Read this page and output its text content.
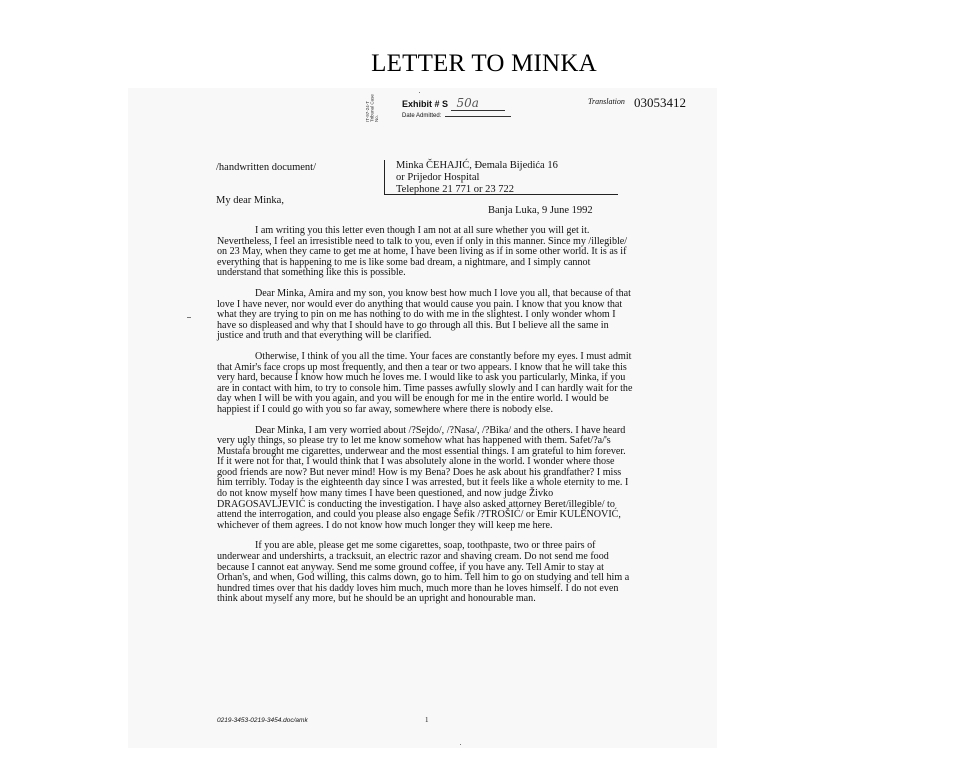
LETTER TO MINKA
IT-97-24-T Tribunal Case No.
Exhibit # S 50a
Date Admitted:
Translation 03053412
/handwritten document/	Minka ČEHAJIĆ, Đemala Bijedića 16
or Prijedor Hospital
Telephone 21 771 or 23 722
My dear Minka,
Banja Luka, 9 June 1992

I am writing you this letter even though I am not at all sure whether you will get it. Nevertheless, I feel an irresistible need to talk to you, even if only in this manner. Since my /illegible/ on 23 May, when they came to get me at home, I have been living as if in some other world. It is as if everything that is happening to me is like some bad dream, a nightmare, and I simply cannot understand that something like this is possible.

Dear Minka, Amira and my son, you know best how much I love you all, that because of that love I have never, nor would ever do anything that would cause you pain. I know that you know that what they are trying to pin on me has nothing to do with me in the slightest. I only wonder whom I have so displeased and why that I should have to go through all this. But I believe all the same in justice and truth and that everything will be clarified.

Otherwise, I think of you all the time. Your faces are constantly before my eyes. I must admit that Amir's face crops up most frequently, and then a tear or two appears. I know that he will take this very hard, because I know how much he loves me. I would like to ask you particularly, Minka, if you are in contact with him, to try to console him. Time passes awfully slowly and I can hardly wait for the day when I will be with you again, and you will be enough for me in the entire world. I would be happiest if I could go with you so far away, somewhere where there is nobody else.

Dear Minka, I am very worried about /?Sejdo/, /?Nasa/, /?Bika/ and the others. I have heard very ugly things, so please try to let me know somehow what has happened with them. Safet/?a/'s Mustafa brought me cigarettes, underwear and the most essential things. I am grateful to him forever. If it were not for that, I would think that I was absolutely alone in the world. I wonder where those good friends are now? But never mind! How is my Bena? Does he ask about his grandfather? I miss him terribly. Today is the eighteenth day since I was arrested, but it feels like a whole eternity to me. I do not know myself how many times I have been questioned, and now judge Živko DRAGOSAVLJEVIĆ is conducting the investigation. I have also asked attorney Beret/illegible/ to attend the interrogation, and could you please also engage Šefik /?TROŠIĆ/ or Emir KULENOVIĆ, whichever of them agrees. I do not know how much longer they will keep me here.

If you are able, please get me some cigarettes, soap, toothpaste, two or three pairs of underwear and undershirts, a tracksuit, an electric razor and shaving cream. Do not send me food because I cannot eat anyway. Send me some ground coffee, if you have any. Tell Amir to stay at Orhan's, and when, God willing, this calms down, go to him. Tell him to go on studying and tell him a hundred times over that his daddy loves him much, much more than he loves himself. I do not even think about myself any more, but he should be an upright and honourable man.

0219-3453-0219-3454.doc/amk	1
